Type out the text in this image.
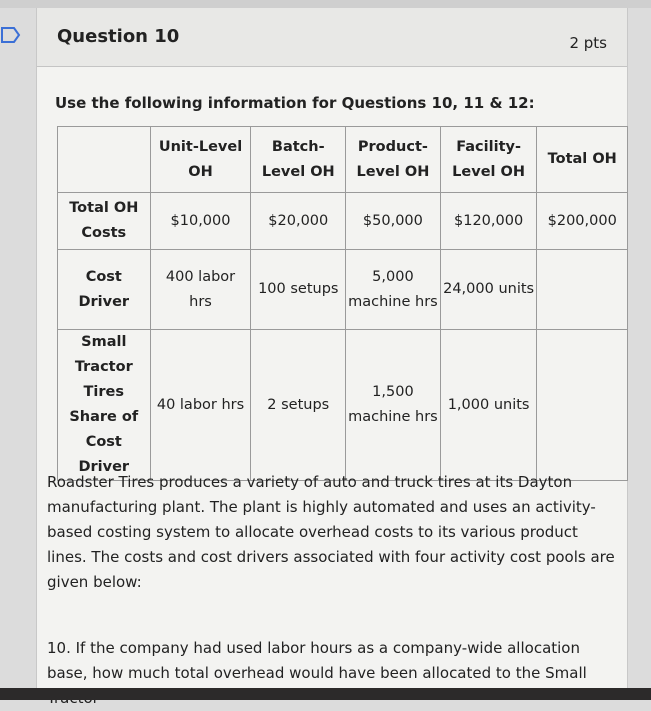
Question 10	2 pts
Use the following information for Questions 10, 11 & 12:
	Unit-Level OH	Batch-Level OH	Product-Level OH	Facility-Level OH	Total OH
Total OH Costs	$10,000	$20,000	$50,000	$120,000	$200,000
Cost Driver	400 labor hrs	100 setups	5,000 machine hrs	24,000 units	
Small Tractor Tires Share of Cost Driver	40 labor hrs	2 setups	1,500 machine hrs	1,000 units	
Roadster Tires produces a variety of auto and truck tires at its Dayton manufacturing plant. The plant is highly automated and uses an activity-based costing system to allocate overhead costs to its various product lines. The costs and cost drivers associated with four activity cost pools are given below:
10. If the company had used labor hours as a company-wide allocation base, how much total overhead would have been allocated to the Small
